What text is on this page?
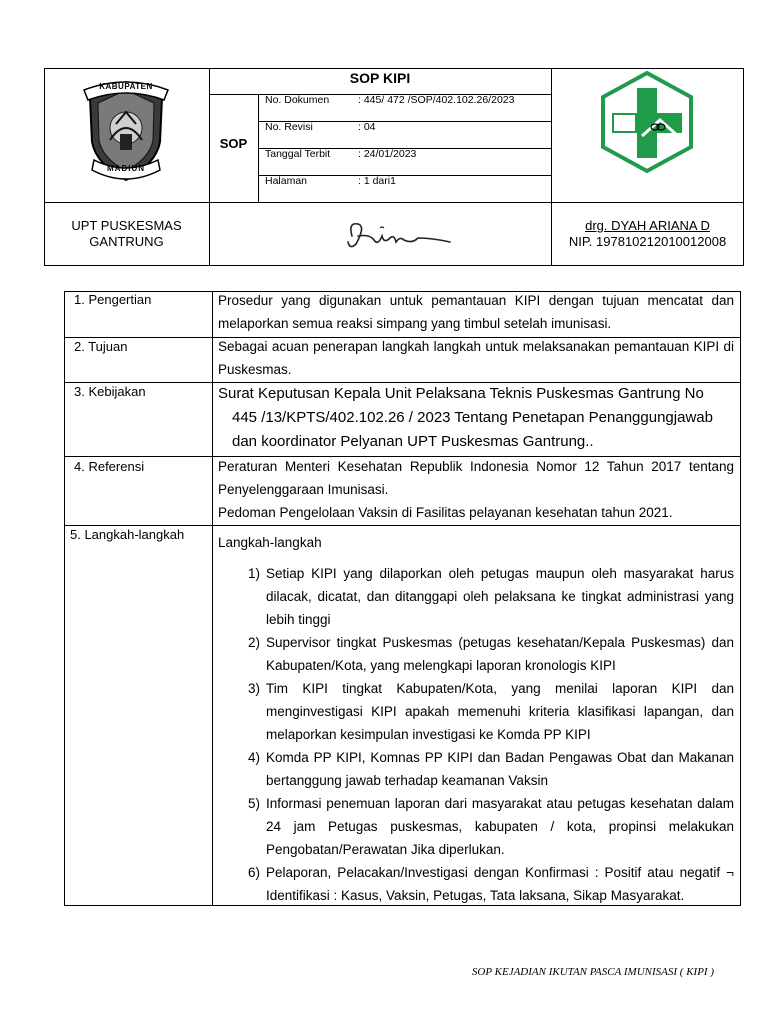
KABUPATEN
MADIUN
SOP KIPI
SOP
No. Dokumen	: 445/ 472 /SOP/402.102.26/2023
No. Revisi	: 04
Tanggal Terbit	: 24/01/2023
Halaman	: 1 dari1
UPT PUSKESMAS
GANTRUNG
drg. DYAH ARIANA D
NIP. 197810212010012008
1. Pengertian	Prosedur yang digunakan untuk pemantauan KIPI dengan tujuan mencatat dan melaporkan semua reaksi simpang yang timbul setelah imunisasi.
2. Tujuan	Sebagai acuan penerapan langkah langkah untuk melaksanakan pemantauan KIPI di Puskesmas.
3. Kebijakan	Surat Keputusan Kepala Unit Pelaksana Teknis Puskesmas Gantrung No
445 /13/KPTS/402.102.26 / 2023 Tentang Penetapan Penanggungjawab
dan koordinator Pelyanan UPT Puskesmas Gantrung..
4. Referensi	Peraturan Menteri Kesehatan Republik Indonesia Nomor 12 Tahun 2017 tentang Penyelenggaraan Imunisasi.
Pedoman Pengelolaan Vaksin di Fasilitas pelayanan kesehatan tahun 2021.
5. Langkah-langkah
Langkah-langkah
1) Setiap KIPI yang dilaporkan oleh petugas maupun oleh masyarakat harus dilacak, dicatat, dan ditanggapi oleh pelaksana ke tingkat administrasi yang lebih tinggi
2) Supervisor tingkat Puskesmas (petugas kesehatan/Kepala Puskesmas) dan Kabupaten/Kota, yang melengkapi laporan kronologis KIPI
3) Tim KIPI tingkat Kabupaten/Kota, yang menilai laporan KIPI dan menginvestigasi KIPI apakah memenuhi kriteria klasifikasi lapangan, dan melaporkan kesimpulan investigasi ke Komda PP KIPI
4) Komda PP KIPI, Komnas PP KIPI dan Badan Pengawas Obat dan Makanan bertanggung jawab terhadap keamanan Vaksin
5) Informasi penemuan laporan dari masyarakat atau petugas kesehatan dalam 24 jam Petugas puskesmas, kabupaten / kota, propinsi melakukan Pengobatan/Perawatan Jika diperlukan.
6) Pelaporan, Pelacakan/Investigasi dengan Konfirmasi : Positif atau negatif ¬ Identifikasi : Kasus, Vaksin, Petugas, Tata laksana, Sikap Masyarakat.
SOP KEJADIAN IKUTAN PASCA IMUNISASI ( KIPI )
